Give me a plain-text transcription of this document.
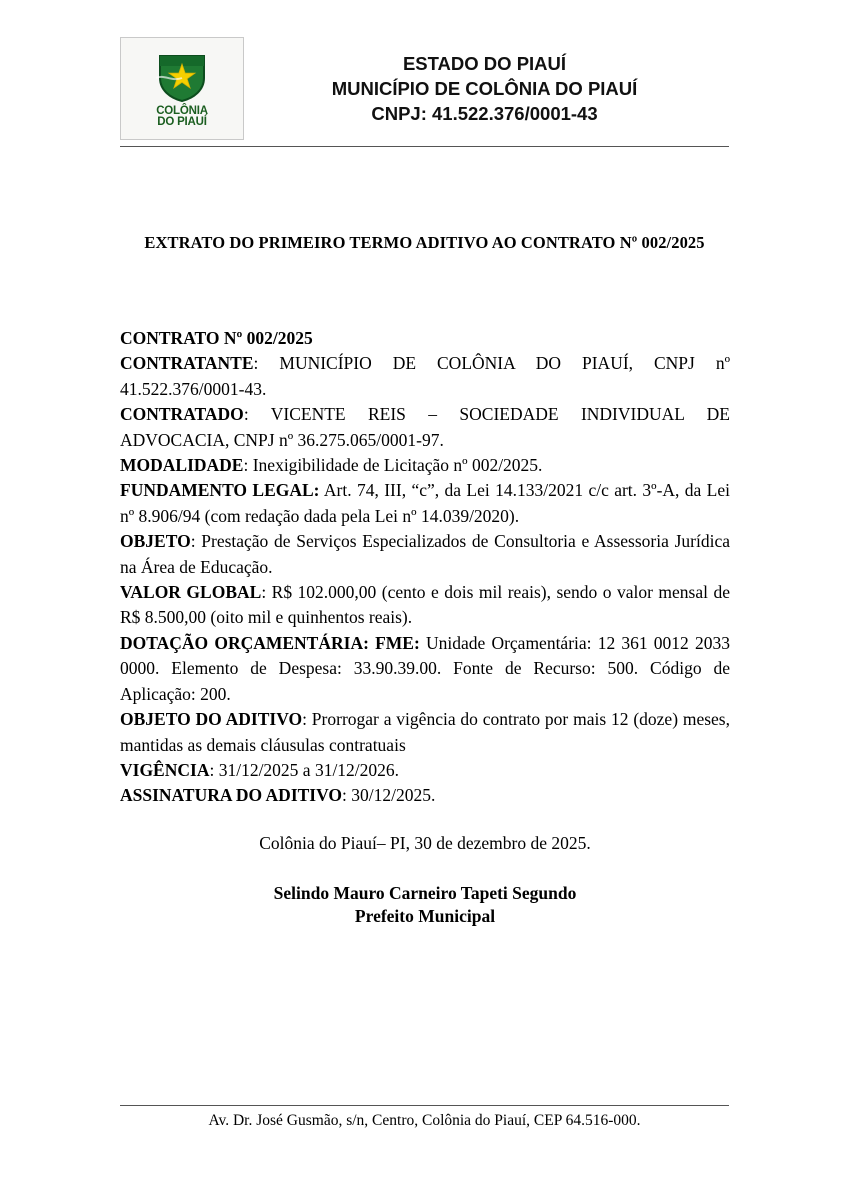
COLÔNIA
DO PIAUÍ
ESTADO DO PIAUÍ
MUNICÍPIO DE COLÔNIA DO PIAUÍ
CNPJ: 41.522.376/0001-43
EXTRATO DO PRIMEIRO TERMO ADITIVO AO CONTRATO Nº 002/2025

CONTRATO Nº 002/2025

CONTRATANTE: MUNICÍPIO DE COLÔNIA DO PIAUÍ, CNPJ nº 41.522.376/0001-43.

CONTRATADO: VICENTE REIS – SOCIEDADE INDIVIDUAL DE ADVOCACIA, CNPJ nº 36.275.065/0001-97.

MODALIDADE: Inexigibilidade de Licitação nº 002/2025.

FUNDAMENTO LEGAL: Art. 74, III, “c”, da Lei 14.133/2021 c/c art. 3º-A, da Lei nº 8.906/94 (com redação dada pela Lei nº 14.039/2020).

OBJETO: Prestação de Serviços Especializados de Consultoria e Assessoria Jurídica na Área de Educação.

VALOR GLOBAL: R$ 102.000,00 (cento e dois mil reais), sendo o valor mensal de R$ 8.500,00 (oito mil e quinhentos reais).

DOTAÇÃO ORÇAMENTÁRIA: FME: Unidade Orçamentária: 12 361 0012 2033 0000. Elemento de Despesa: 33.90.39.00. Fonte de Recurso: 500. Código de Aplicação: 200.

OBJETO DO ADITIVO: Prorrogar a vigência do contrato por mais 12 (doze) meses, mantidas as demais cláusulas contratuais

VIGÊNCIA: 31/12/2025 a 31/12/2026.

ASSINATURA DO ADITIVO: 30/12/2025.

Colônia do Piauí– PI, 30 de dezembro de 2025.

Selindo Mauro Carneiro Tapeti Segundo

Prefeito Municipal

Av. Dr. José Gusmão, s/n, Centro, Colônia do Piauí, CEP 64.516-000.
